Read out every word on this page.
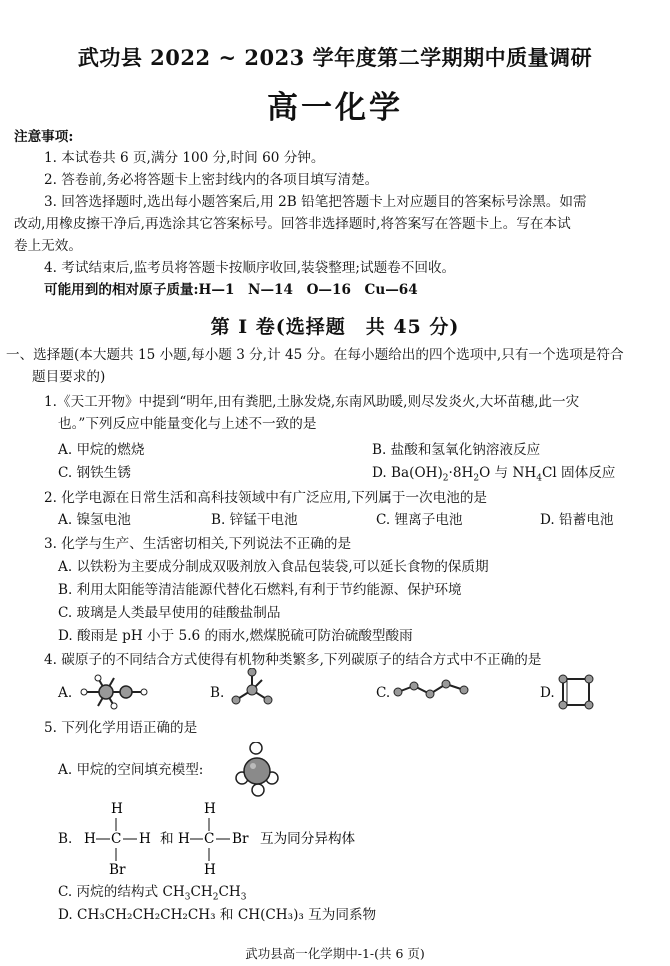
武功县 2022 ~ 2023 学年度第二学期期中质量调研
高一化学
注意事项:
1. 本试卷共 6 页,满分 100 分,时间 60 分钟。
2. 答卷前,务必将答题卡上密封线内的各项目填写清楚。
3. 回答选择题时,选出每小题答案后,用 2B 铅笔把答题卡上对应题目的答案标号涂黑。如需
改动,用橡皮擦干净后,再选涂其它答案标号。回答非选择题时,将答案写在答题卡上。写在本试
卷上无效。
4. 考试结束后,监考员将答题卡按顺序收回,装袋整理;试题卷不回收。
可能用到的相对原子质量:H—1　N—14　O—16　Cu—64
第 Ⅰ 卷(选择题　共 45 分)
一、选择题(本大题共 15 小题,每小题 3 分,计 45 分。在每小题给出的四个选项中,只有一个选项是符合
题目要求的)
1.《天工开物》中提到“明年,田有粪肥,土脉发烧,东南风助暖,则尽发炎火,大坏苗穗,此一灾
也。”下列反应中能量变化与上述不一致的是
A. 甲烷的燃烧	B. 盐酸和氢氧化钠溶液反应
C. 钢铁生锈	D. $Ba(OH)_2\cdot 8H_2O$ 与 $NH_4Cl$ 固体反应
2. 化学电源在日常生活和高科技领域中有广泛应用,下列属于一次电池的是
A. 镍氢电池	B. 锌锰干电池	C. 锂离子电池	D. 铅蓄电池
3. 化学与生产、生活密切相关,下列说法不正确的是
A. 以铁粉为主要成分制成双吸剂放入食品包装袋,可以延长食物的保质期
B. 利用太阳能等清洁能源代替化石燃料,有利于节约能源、保护环境
C. 玻璃是人类最早使用的硅酸盐制品
D. 酸雨是 pH 小于 5.6 的雨水,燃煤脱硫可防治硫酸型酸雨
4. 碳原子的不同结合方式使得有机物种类繁多,下列碳原子的结合方式中不正确的是
A.	B.	C.	D.
5. 下列化学用语正确的是
A. 甲烷的空间填充模型:
B.
H
H C H
Br
和
H
H C Br
H
互为同分异构体
C. 丙烷的结构式 $CH_3CH_2CH_3$
D. CH₃CH₂CH₂CH₂CH₃ 和 CH(CH₃)₃ 互为同系物
武功县高一化学期中-1-(共 6 页)
